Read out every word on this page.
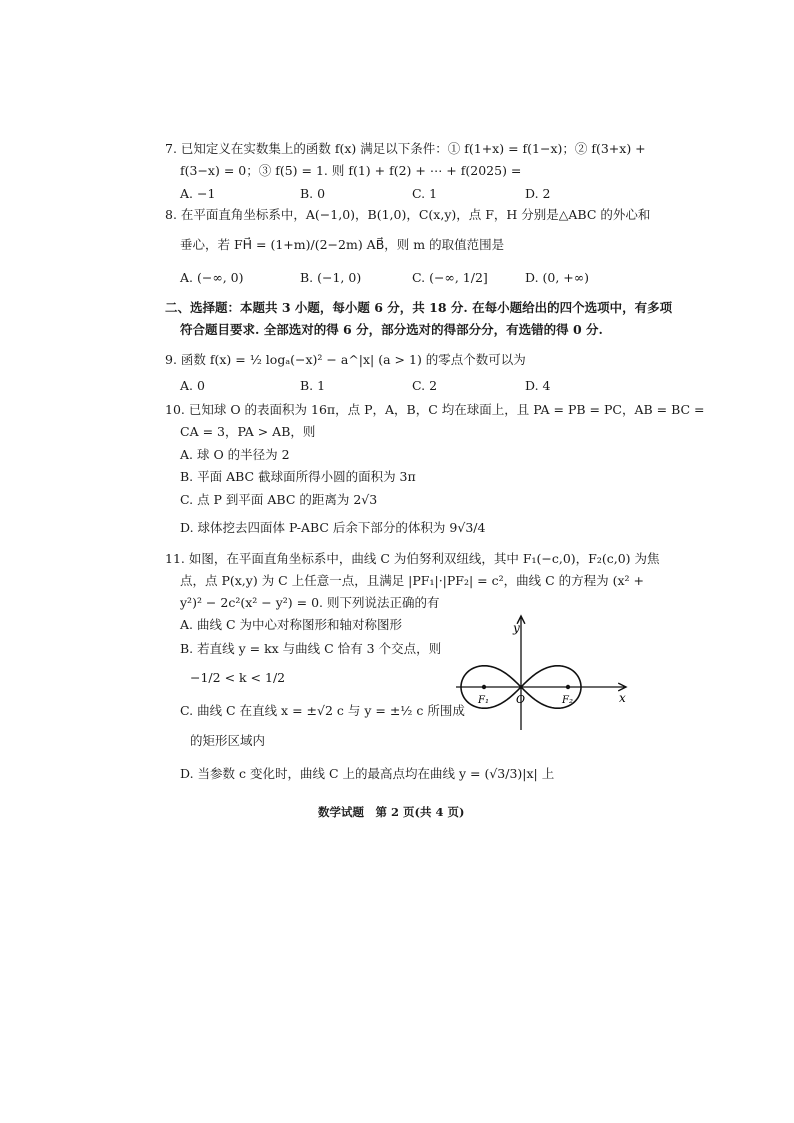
7. 已知定义在实数集上的函数 f(x) 满足以下条件：① f(1+x) = f(1−x)；② f(3+x) +
f(3−x) = 0；③ f(5) = 1. 则 f(1) + f(2) + ⋯ + f(2025) =
A. −1	B. 0	C. 1	D. 2
8. 在平面直角坐标系中，A(−1,0)，B(1,0)，C(x,y)，点 F，H 分别是△ABC 的外心和
垂心，若 FH⃗ = (1+m)/(2−2m) AB⃗，则 m 的取值范围是
A. (−∞, 0)	B. (−1, 0)	C. (−∞, 1/2]	D. (0, +∞)
二、选择题：本题共 3 小题，每小题 6 分，共 18 分. 在每小题给出的四个选项中，有多项
符合题目要求. 全部选对的得 6 分，部分选对的得部分分，有选错的得 0 分.
9. 函数 f(x) = ½ logₐ(−x)² − a^|x| (a > 1) 的零点个数可以为
A. 0	B. 1	C. 2	D. 4
10. 已知球 O 的表面积为 16π，点 P，A，B，C 均在球面上，且 PA = PB = PC，AB = BC =
CA = 3，PA > AB，则
A. 球 O 的半径为 2
B. 平面 ABC 截球面所得小圆的面积为 3π
C. 点 P 到平面 ABC 的距离为 2√3
D. 球体挖去四面体 P-ABC 后余下部分的体积为 9√3/4
11. 如图，在平面直角坐标系中，曲线 C 为伯努利双纽线，其中 F₁(−c,0)，F₂(c,0) 为焦
点，点 P(x,y) 为 C 上任意一点，且满足 |PF₁|·|PF₂| = c²，曲线 C 的方程为 (x² +
y²)² − 2c²(x² − y²) = 0. 则下列说法正确的有
A. 曲线 C 为中心对称图形和轴对称图形
B. 若直线 y = kx 与曲线 C 恰有 3 个交点，则
−1/2 < k < 1/2
C. 曲线 C 在直线 x = ±√2 c 与 y = ±½ c 所围成
的矩形区域内
D. 当参数 c 变化时，曲线 C 上的最高点均在曲线 y = (√3/3)|x| 上
y
x
O
F₁	F₂
数学试题　第 2 页(共 4 页)
